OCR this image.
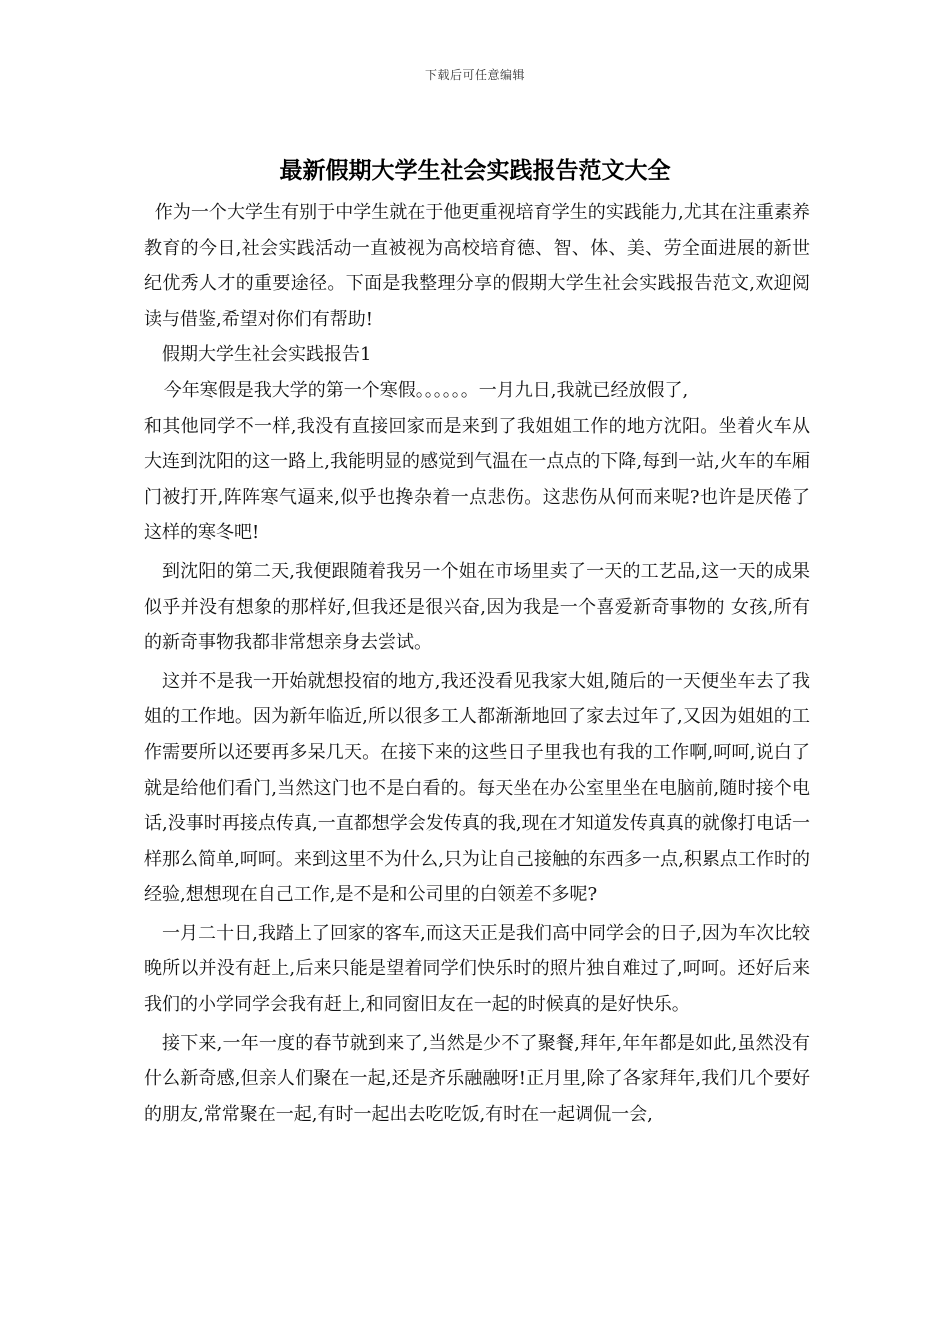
下载后可任意编辑
最新假期大学生社会实践报告范文大全

作为一个大学生有别于中学生就在于他更重视培育学生的实践能力,尤其在注重素养教育的今日,社会实践活动一直被视为高校培育德、智、体、美、劳全面进展的新世纪优秀人才的重要途径。下面是我整理分享的假期大学生社会实践报告范文,欢迎阅读与借鉴,希望对你们有帮助!

假期大学生社会实践报告1

今年寒假是我大学的第一个寒假。。。。。。一月九日,我就已经放假了,

和其他同学不一样,我没有直接回家而是来到了我姐姐工作的地方沈阳。坐着火车从大连到沈阳的这一路上,我能明显的感觉到气温在一点点的下降,每到一站,火车的车厢门被打开,阵阵寒气逼来,似乎也搀杂着一点悲伤。这悲伤从何而来呢?也许是厌倦了这样的寒冬吧!

到沈阳的第二天,我便跟随着我另一个姐在市场里卖了一天的工艺品,这一天的成果似乎并没有想象的那样好,但我还是很兴奋,因为我是一个喜爱新奇事物的 女孩,所有的新奇事物我都非常想亲身去尝试。

这并不是我一开始就想投宿的地方,我还没看见我家大姐,随后的一天便坐车去了我姐的工作地。因为新年临近,所以很多工人都渐渐地回了家去过年了,又因为姐姐的工作需要所以还要再多呆几天。在接下来的这些日子里我也有我的工作啊,呵呵,说白了就是给他们看门,当然这门也不是白看的。每天坐在办公室里坐在电脑前,随时接个电话,没事时再接点传真,一直都想学会发传真的我,现在才知道发传真真的就像打电话一样那么简单,呵呵。来到这里不为什么,只为让自己接触的东西多一点,积累点工作时的经验,想想现在自己工作,是不是和公司里的白领差不多呢?

一月二十日,我踏上了回家的客车,而这天正是我们高中同学会的日子,因为车次比较晚所以并没有赶上,后来只能是望着同学们快乐时的照片独自难过了,呵呵。还好后来我们的小学同学会我有赶上,和同窗旧友在一起的时候真的是好快乐。

接下来,一年一度的春节就到来了,当然是少不了聚餐,拜年,年年都是如此,虽然没有什么新奇感,但亲人们聚在一起,还是齐乐融融呀!正月里,除了各家拜年,我们几个要好的朋友,常常聚在一起,有时一起出去吃吃饭,有时在一起调侃一会,
